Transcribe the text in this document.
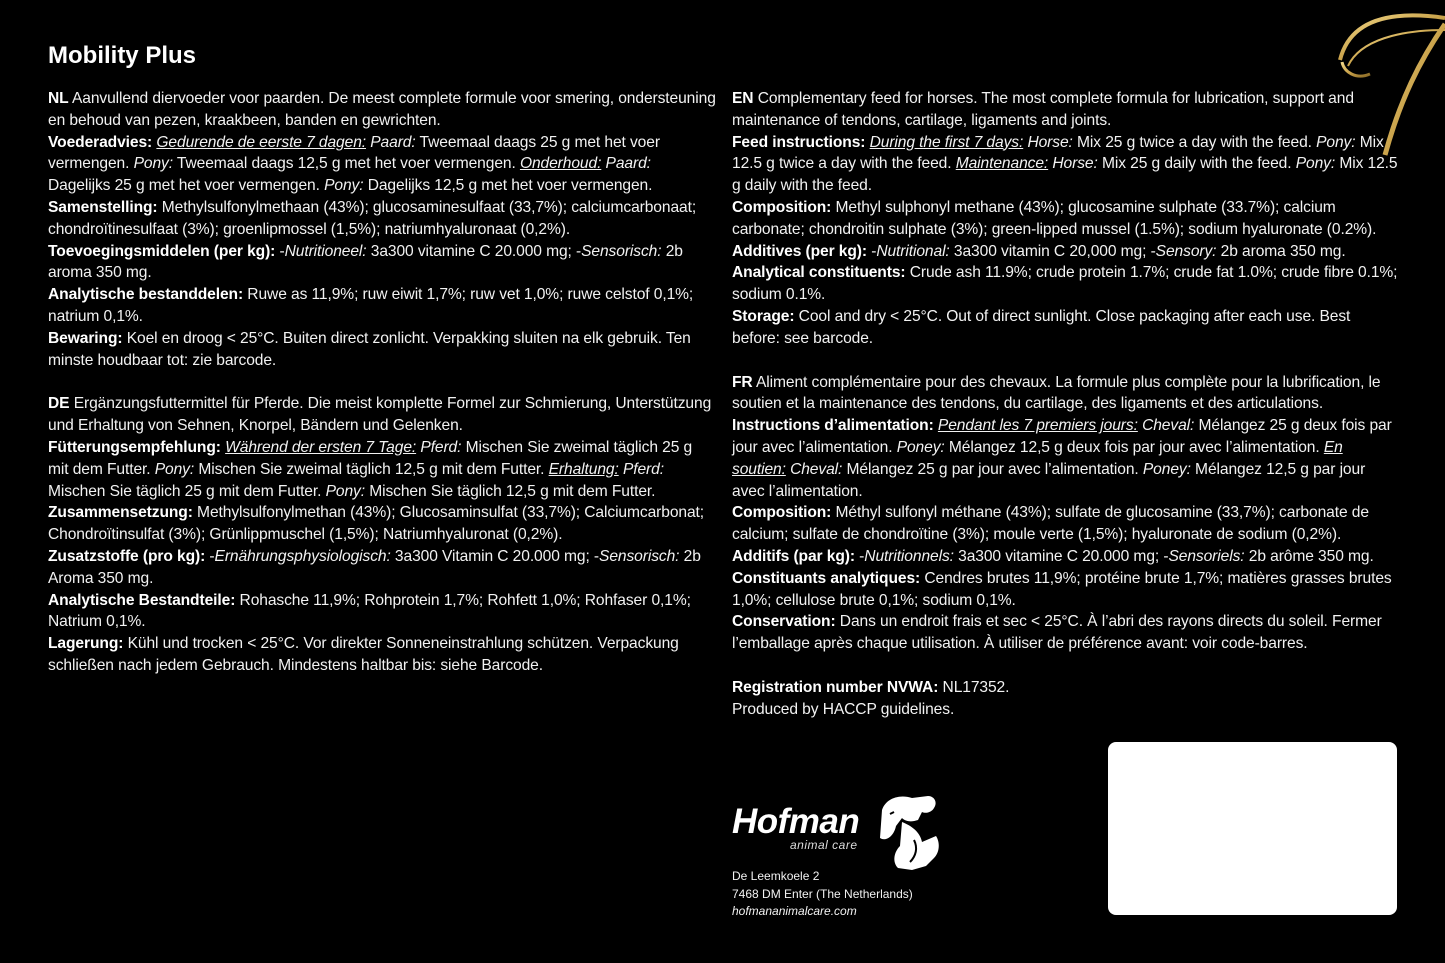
Mobility Plus

NL Aanvullend diervoeder voor paarden. De meest complete formule voor smering, ondersteuning en behoud van pezen, kraakbeen, banden en gewrichten.

Voederadvies: Gedurende de eerste 7 dagen: Paard: Tweemaal daags 25 g met het voer vermengen. Pony: Tweemaal daags 12,5 g met het voer vermengen. Onderhoud: Paard: Dagelijks 25 g met het voer vermengen. Pony: Dagelijks 12,5 g met het voer vermengen.

Samenstelling: Methylsulfonylmethaan (43%); glucosaminesulfaat (33,7%); calciumcarbonaat; chondroïtinesulfaat (3%); groenlipmossel (1,5%); natriumhyaluronaat (0,2%).

Toevoegingsmiddelen (per kg): -Nutritioneel: 3a300 vitamine C 20.000 mg; -Sensorisch: 2b aroma 350 mg.

Analytische bestanddelen: Ruwe as 11,9%; ruw eiwit 1,7%; ruw vet 1,0%; ruwe celstof 0,1%; natrium 0,1%.

Bewaring: Koel en droog < 25°C. Buiten direct zonlicht. Verpakking sluiten na elk gebruik. Ten minste houdbaar tot: zie barcode.

DE Ergänzungsfuttermittel für Pferde. Die meist komplette Formel zur Schmierung, Unterstützung und Erhaltung von Sehnen, Knorpel, Bändern und Gelenken.

Fütterungsempfehlung: Während der ersten 7 Tage: Pferd: Mischen Sie zweimal täglich 25 g mit dem Futter. Pony: Mischen Sie zweimal täglich 12,5 g mit dem Futter. Erhaltung: Pferd: Mischen Sie täglich 25 g mit dem Futter. Pony: Mischen Sie täglich 12,5 g mit dem Futter.

Zusammensetzung: Methylsulfonylmethan (43%); Glucosaminsulfat (33,7%); Calciumcarbonat; Chondroïtinsulfat (3%); Grünlippmuschel (1,5%); Natriumhyaluronat (0,2%).

Zusatzstoffe (pro kg): -Ernährungsphysiologisch: 3a300 Vitamin C 20.000 mg; -Sensorisch: 2b Aroma 350 mg.

Analytische Bestandteile: Rohasche 11,9%; Rohprotein 1,7%; Rohfett 1,0%; Rohfaser 0,1%; Natrium 0,1%.

Lagerung: Kühl und trocken < 25°C. Vor direkter Sonneneinstrahlung schützen. Verpackung schließen nach jedem Gebrauch. Mindestens haltbar bis: siehe Barcode.

EN Complementary feed for horses. The most complete formula for lubrication, support and maintenance of tendons, cartilage, ligaments and joints.

Feed instructions: During the first 7 days: Horse: Mix 25 g twice a day with the feed. Pony: Mix 12.5 g twice a day with the feed. Maintenance: Horse: Mix 25 g daily with the feed. Pony: Mix 12.5 g daily with the feed.

Composition: Methyl sulphonyl methane (43%); glucosamine sulphate (33.7%); calcium carbonate; chondroitin sulphate (3%); green-lipped mussel (1.5%); sodium hyaluronate (0.2%).

Additives (per kg): -Nutritional: 3a300 vitamin C 20,000 mg; -Sensory: 2b aroma 350 mg.

Analytical constituents: Crude ash 11.9%; crude protein 1.7%; crude fat 1.0%; crude fibre 0.1%; sodium 0.1%.

Storage: Cool and dry < 25°C. Out of direct sunlight. Close packaging after each use. Best before: see barcode.

FR Aliment complémentaire pour des chevaux. La formule plus complète pour la lubrification, le soutien et la maintenance des tendons, du cartilage, des ligaments et des articulations.

Instructions d’alimentation: Pendant les 7 premiers jours: Cheval: Mélangez 25 g deux fois par jour avec l’alimentation. Poney: Mélangez 12,5 g deux fois par jour avec l’alimentation. En soutien: Cheval: Mélangez 25 g par jour avec l’alimentation. Poney: Mélangez 12,5 g par jour avec l’alimentation.

Composition: Méthyl sulfonyl méthane (43%); sulfate de glucosamine (33,7%); carbonate de calcium; sulfate de chondroïtine (3%); moule verte (1,5%); hyaluronate de sodium (0,2%).

Additifs (par kg): -Nutritionnels: 3a300 vitamine C 20.000 mg; -Sensoriels: 2b arôme 350 mg.

Constituants analytiques: Cendres brutes 11,9%; protéine brute 1,7%; matières grasses brutes 1,0%; cellulose brute 0,1%; sodium 0,1%.

Conservation: Dans un endroit frais et sec < 25°C. À l’abri des rayons directs du soleil. Fermer l’emballage après chaque utilisation. À utiliser de préférence avant: voir code-barres.

Registration number NVWA: NL17352.

Produced by HACCP guidelines.

Hofman
animal care
De Leemkoele 2
7468 DM Enter (The Netherlands)
hofmananimalcare.com
